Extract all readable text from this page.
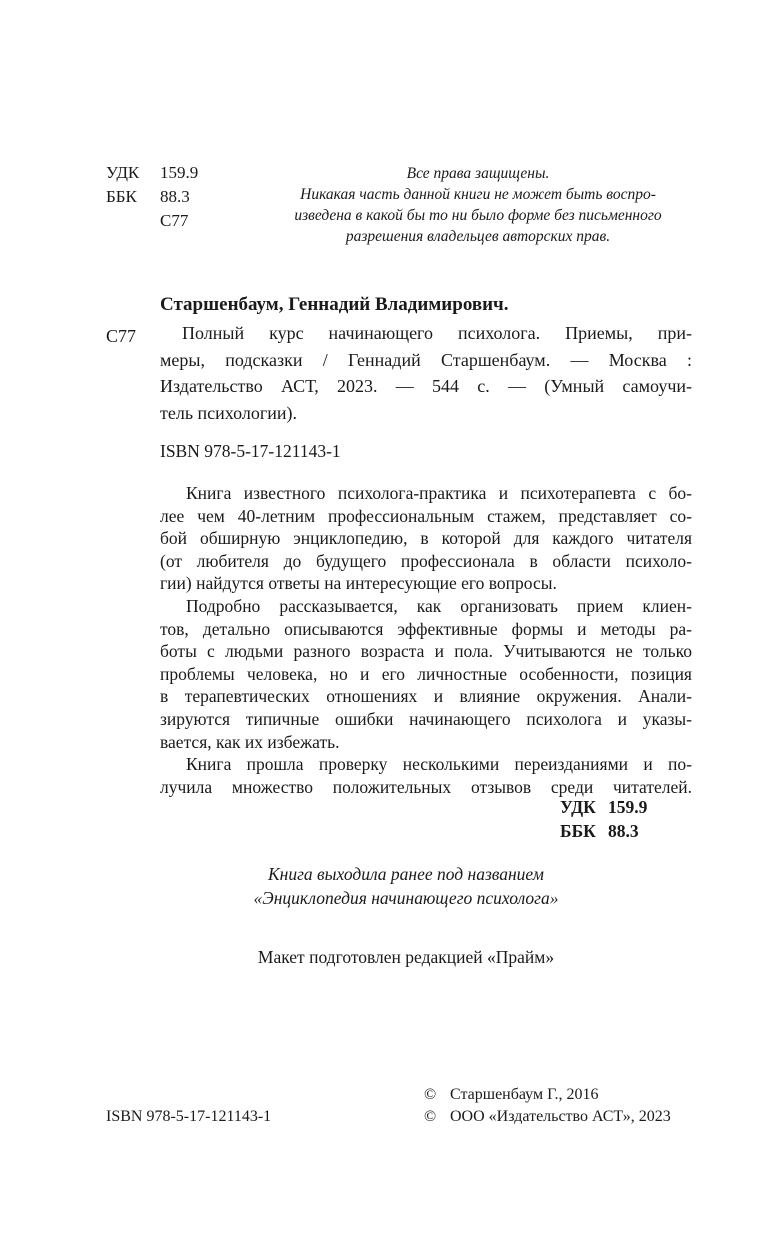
УДК	159.9
ББК	88.3
С77
Все права защищены.
Никакая часть данной книги не может быть воспро-
изведена в какой бы то ни было форме без письменного
разрешения владельцев авторских прав.
Старшенбаум, Геннадий Владимирович.
С77	Полный курс начинающего психолога. Приемы, при-
меры, подсказки / Геннадий Старшенбаум. — Москва :
Издательство АСТ, 2023. — 544 с. — (Умный самоучи-
тель психологии).
ISBN 978-5-17-121143-1
Книга известного психолога-практика и психотерапевта с бо-
лее чем 40-летним профессиональным стажем, представляет со-
бой обширную энциклопедию, в которой для каждого читателя
(от любителя до будущего профессионала в области психоло-
гии) найдутся ответы на интересующие его вопросы.
Подробно рассказывается, как организовать прием клиен-
тов, детально описываются эффективные формы и методы ра-
боты с людьми разного возраста и пола. Учитываются не только
проблемы человека, но и его личностные особенности, позиция
в терапевтических отношениях и влияние окружения. Анали-
зируются типичные ошибки начинающего психолога и указы-
вается, как их избежать.
Книга прошла проверку несколькими переизданиями и по-
лучила множество положительных отзывов среди читателей.
УДК 159.9
ББК 88.3
Книга выходила ранее под названием
«Энциклопедия начинающего психолога»
Макет подготовлен редакцией «Прайм»
ISBN 978-5-17-121143-1
© Старшенбаум Г., 2016
© ООО «Издательство АСТ», 2023
